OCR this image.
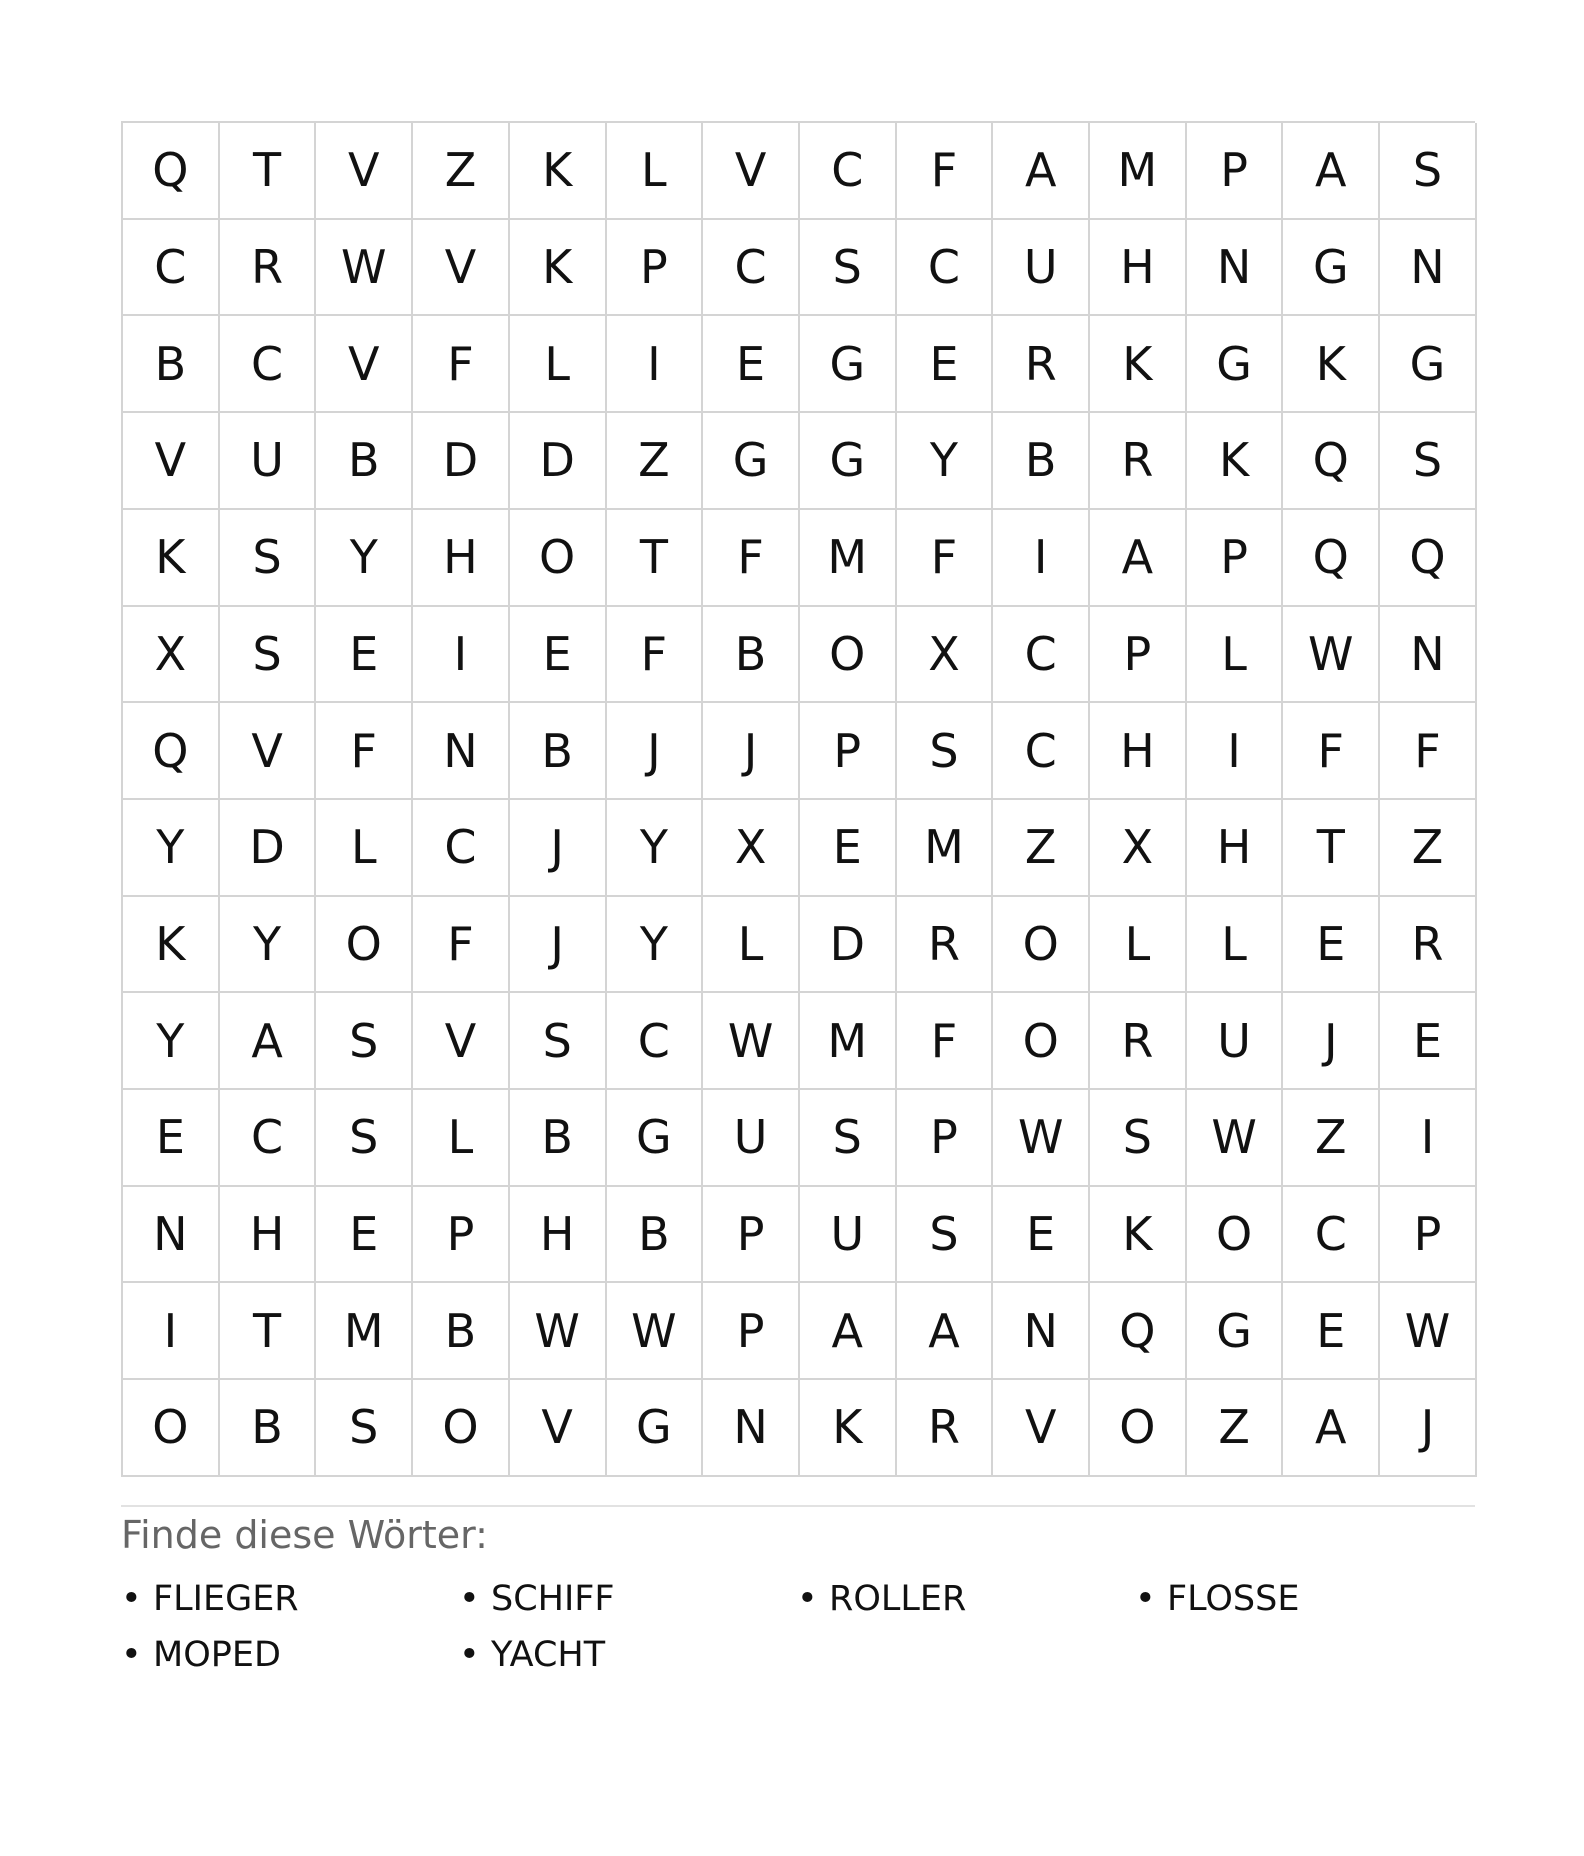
Q	T	V	Z	K	L	V	C	F	A	M	P	A	S
C	R	W	V	K	P	C	S	C	U	H	N	G	N
B	C	V	F	L	I	E	G	E	R	K	G	K	G
V	U	B	D	D	Z	G	G	Y	B	R	K	Q	S
K	S	Y	H	O	T	F	M	F	I	A	P	Q	Q
X	S	E	I	E	F	B	O	X	C	P	L	W	N
Q	V	F	N	B	J	J	P	S	C	H	I	F	F
Y	D	L	C	J	Y	X	E	M	Z	X	H	T	Z
K	Y	O	F	J	Y	L	D	R	O	L	L	E	R
Y	A	S	V	S	C	W	M	F	O	R	U	J	E
E	C	S	L	B	G	U	S	P	W	S	W	Z	I
N	H	E	P	H	B	P	U	S	E	K	O	C	P
I	T	M	B	W	W	P	A	A	N	Q	G	E	W
O	B	S	O	V	G	N	K	R	V	O	Z	A	J
Finde diese Wörter:
• FLIEGER	• SCHIFF	• ROLLER	• FLOSSE
• MOPED	• YACHT
